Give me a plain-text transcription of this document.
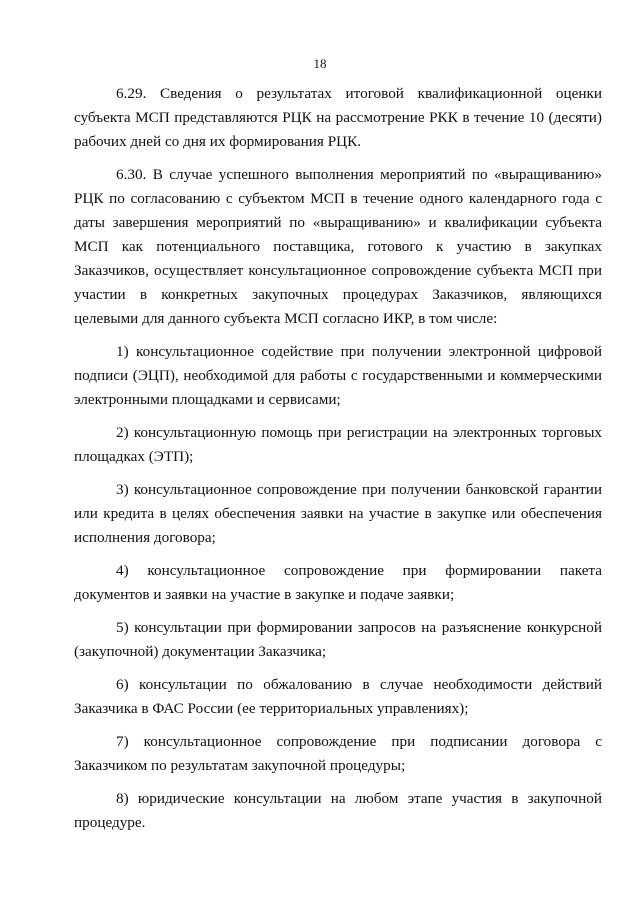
18

6.29. Сведения о результатах итоговой квалификационной оценки субъекта МСП представляются РЦК на рассмотрение РКК в течение 10 (десяти) рабочих дней со дня их формирования РЦК.

6.30. В случае успешного выполнения мероприятий по «выращиванию» РЦК по согласованию с субъектом МСП в течение одного календарного года с даты завершения мероприятий по «выращиванию» и квалификации субъекта МСП как потенциального поставщика, готового к участию в закупках Заказчиков, осуществляет консультационное сопровождение субъекта МСП при участии в конкретных закупочных процедурах Заказчиков, являющихся целевыми для данного субъекта МСП согласно ИКР, в том числе:

1) консультационное содействие при получении электронной цифровой подписи (ЭЦП), необходимой для работы с государственными и коммерческими электронными площадками и сервисами;

2) консультационную помощь при регистрации на электронных торговых площадках (ЭТП);

3) консультационное сопровождение при получении банковской гарантии или кредита в целях обеспечения заявки на участие в закупке или обеспечения исполнения договора;

4) консультационное сопровождение при формировании пакета документов и заявки на участие в закупке и подаче заявки;

5) консультации при формировании запросов на разъяснение конкурсной (закупочной) документации Заказчика;

6) консультации по обжалованию в случае необходимости действий Заказчика в ФАС России (ее территориальных управлениях);

7) консультационное сопровождение при подписании договора с Заказчиком по результатам закупочной процедуры;

8) юридические консультации на любом этапе участия в закупочной процедуре.
